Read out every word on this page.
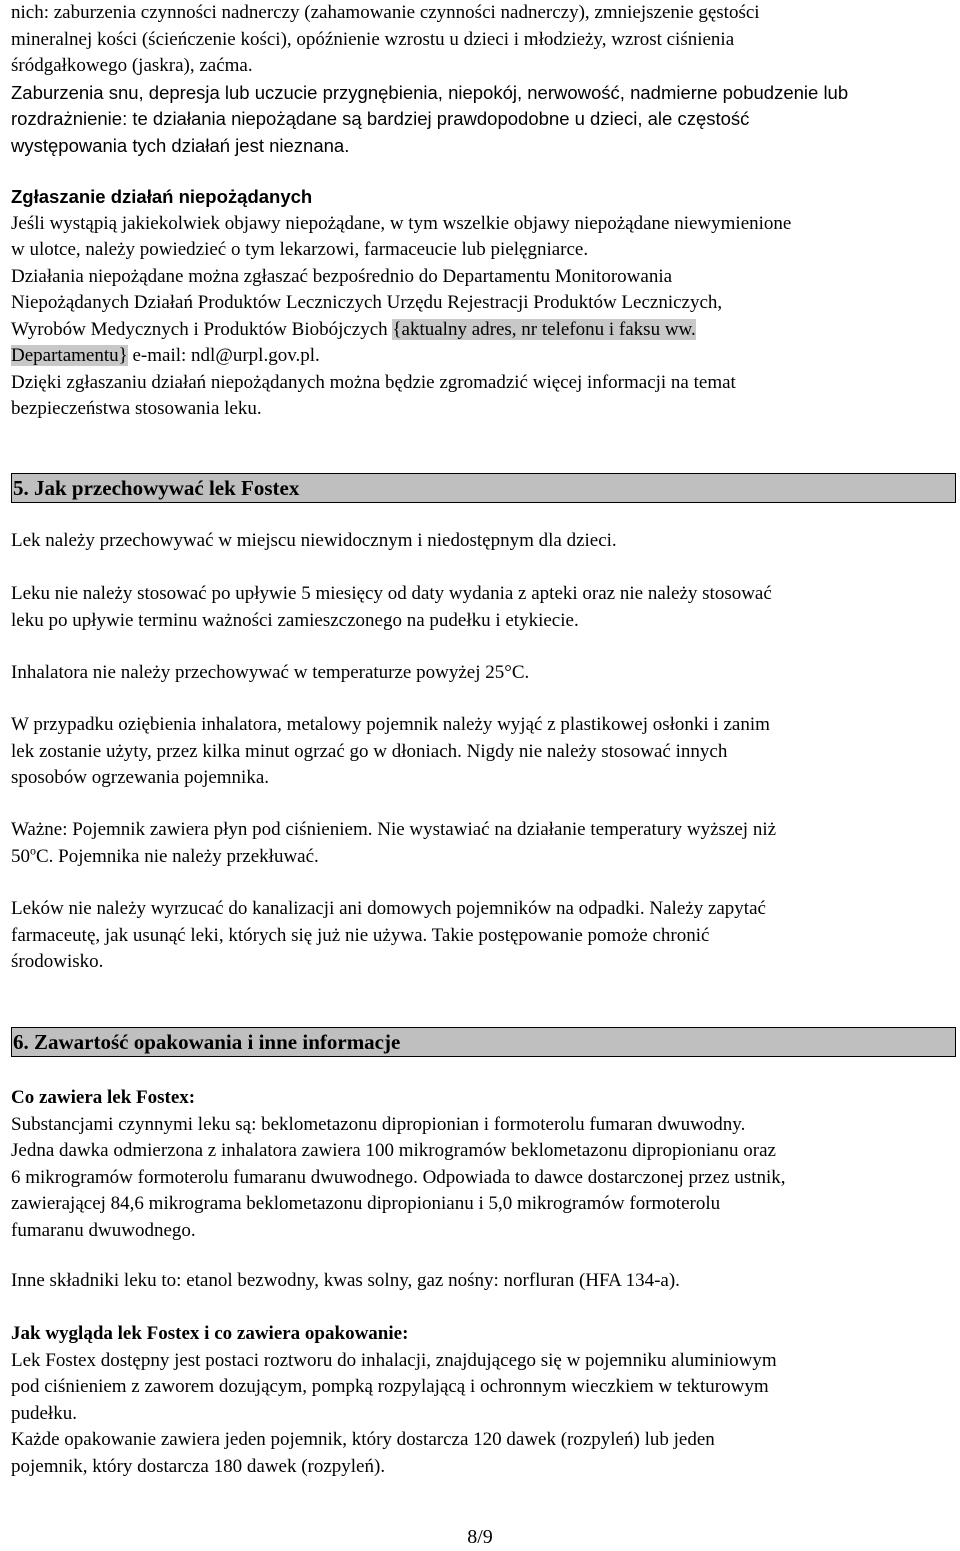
nich: zaburzenia czynności nadnerczy (zahamowanie czynności nadnerczy), zmniejszenie gęstości

mineralnej kości (ścieńczenie kości), opóźnienie wzrostu u dzieci i młodzieży, wzrost ciśnienia

śródgałkowego (jaskra), zaćma.

Zaburzenia snu, depresja lub uczucie przygnębienia, niepokój, nerwowość, nadmierne pobudzenie lub

rozdrażnienie: te działania niepożądane są bardziej prawdopodobne u dzieci, ale częstość

występowania tych działań jest nieznana.

Zgłaszanie działań niepożądanych

Jeśli wystąpią jakiekolwiek objawy niepożądane, w tym wszelkie objawy niepożądane niewymienione

w ulotce, należy powiedzieć o tym lekarzowi, farmaceucie lub pielęgniarce.

Działania niepożądane można zgłaszać bezpośrednio do Departamentu Monitorowania

Niepożądanych Działań Produktów Leczniczych Urzędu Rejestracji Produktów Leczniczych,

Wyrobów Medycznych i Produktów Biobójczych {aktualny adres, nr telefonu i faksu ww.

Departamentu} e-mail: ndl@urpl.gov.pl.

Dzięki zgłaszaniu działań niepożądanych można będzie zgromadzić więcej informacji na temat

bezpieczeństwa stosowania leku.

5. Jak przechowywać lek Fostex

Lek należy przechowywać w miejscu niewidocznym i niedostępnym dla dzieci.

Leku nie należy stosować po upływie 5 miesięcy od daty wydania z apteki oraz nie należy stosować

leku po upływie terminu ważności zamieszczonego na pudełku i etykiecie.

Inhalatora nie należy przechowywać w temperaturze powyżej 25°C.

W przypadku oziębienia inhalatora, metalowy pojemnik należy wyjąć z plastikowej osłonki i zanim

lek zostanie użyty, przez kilka minut ogrzać go w dłoniach. Nigdy nie należy stosować innych

sposobów ogrzewania pojemnika.

Ważne: Pojemnik zawiera płyn pod ciśnieniem. Nie wystawiać na działanie temperatury wyższej niż

50$^o$C. Pojemnika nie należy przekłuwać.

Leków nie należy wyrzucać do kanalizacji ani domowych pojemników na odpadki. Należy zapytać

farmaceutę, jak usunąć leki, których się już nie używa. Takie postępowanie pomoże chronić

środowisko.

6. Zawartość opakowania i inne informacje

Co zawiera lek Fostex:

Substancjami czynnymi leku są: beklometazonu dipropionian i formoterolu fumaran dwuwodny.

Jedna dawka odmierzona z inhalatora zawiera 100 mikrogramów beklometazonu dipropionianu oraz

6 mikrogramów formoterolu fumaranu dwuwodnego. Odpowiada to dawce dostarczonej przez ustnik,

zawierającej 84,6 mikrograma beklometazonu dipropionianu i 5,0 mikrogramów formoterolu

fumaranu dwuwodnego.

Inne składniki leku to: etanol bezwodny, kwas solny, gaz nośny: norfluran (HFA 134-a).

Jak wygląda lek Fostex i co zawiera opakowanie:

Lek Fostex dostępny jest postaci roztworu do inhalacji, znajdującego się w pojemniku aluminiowym

pod ciśnieniem z zaworem dozującym, pompką rozpylającą i ochronnym wieczkiem w tekturowym

pudełku.

Każde opakowanie zawiera jeden pojemnik, który dostarcza 120 dawek (rozpyleń) lub jeden

pojemnik, który dostarcza 180 dawek (rozpyleń).

8/9
